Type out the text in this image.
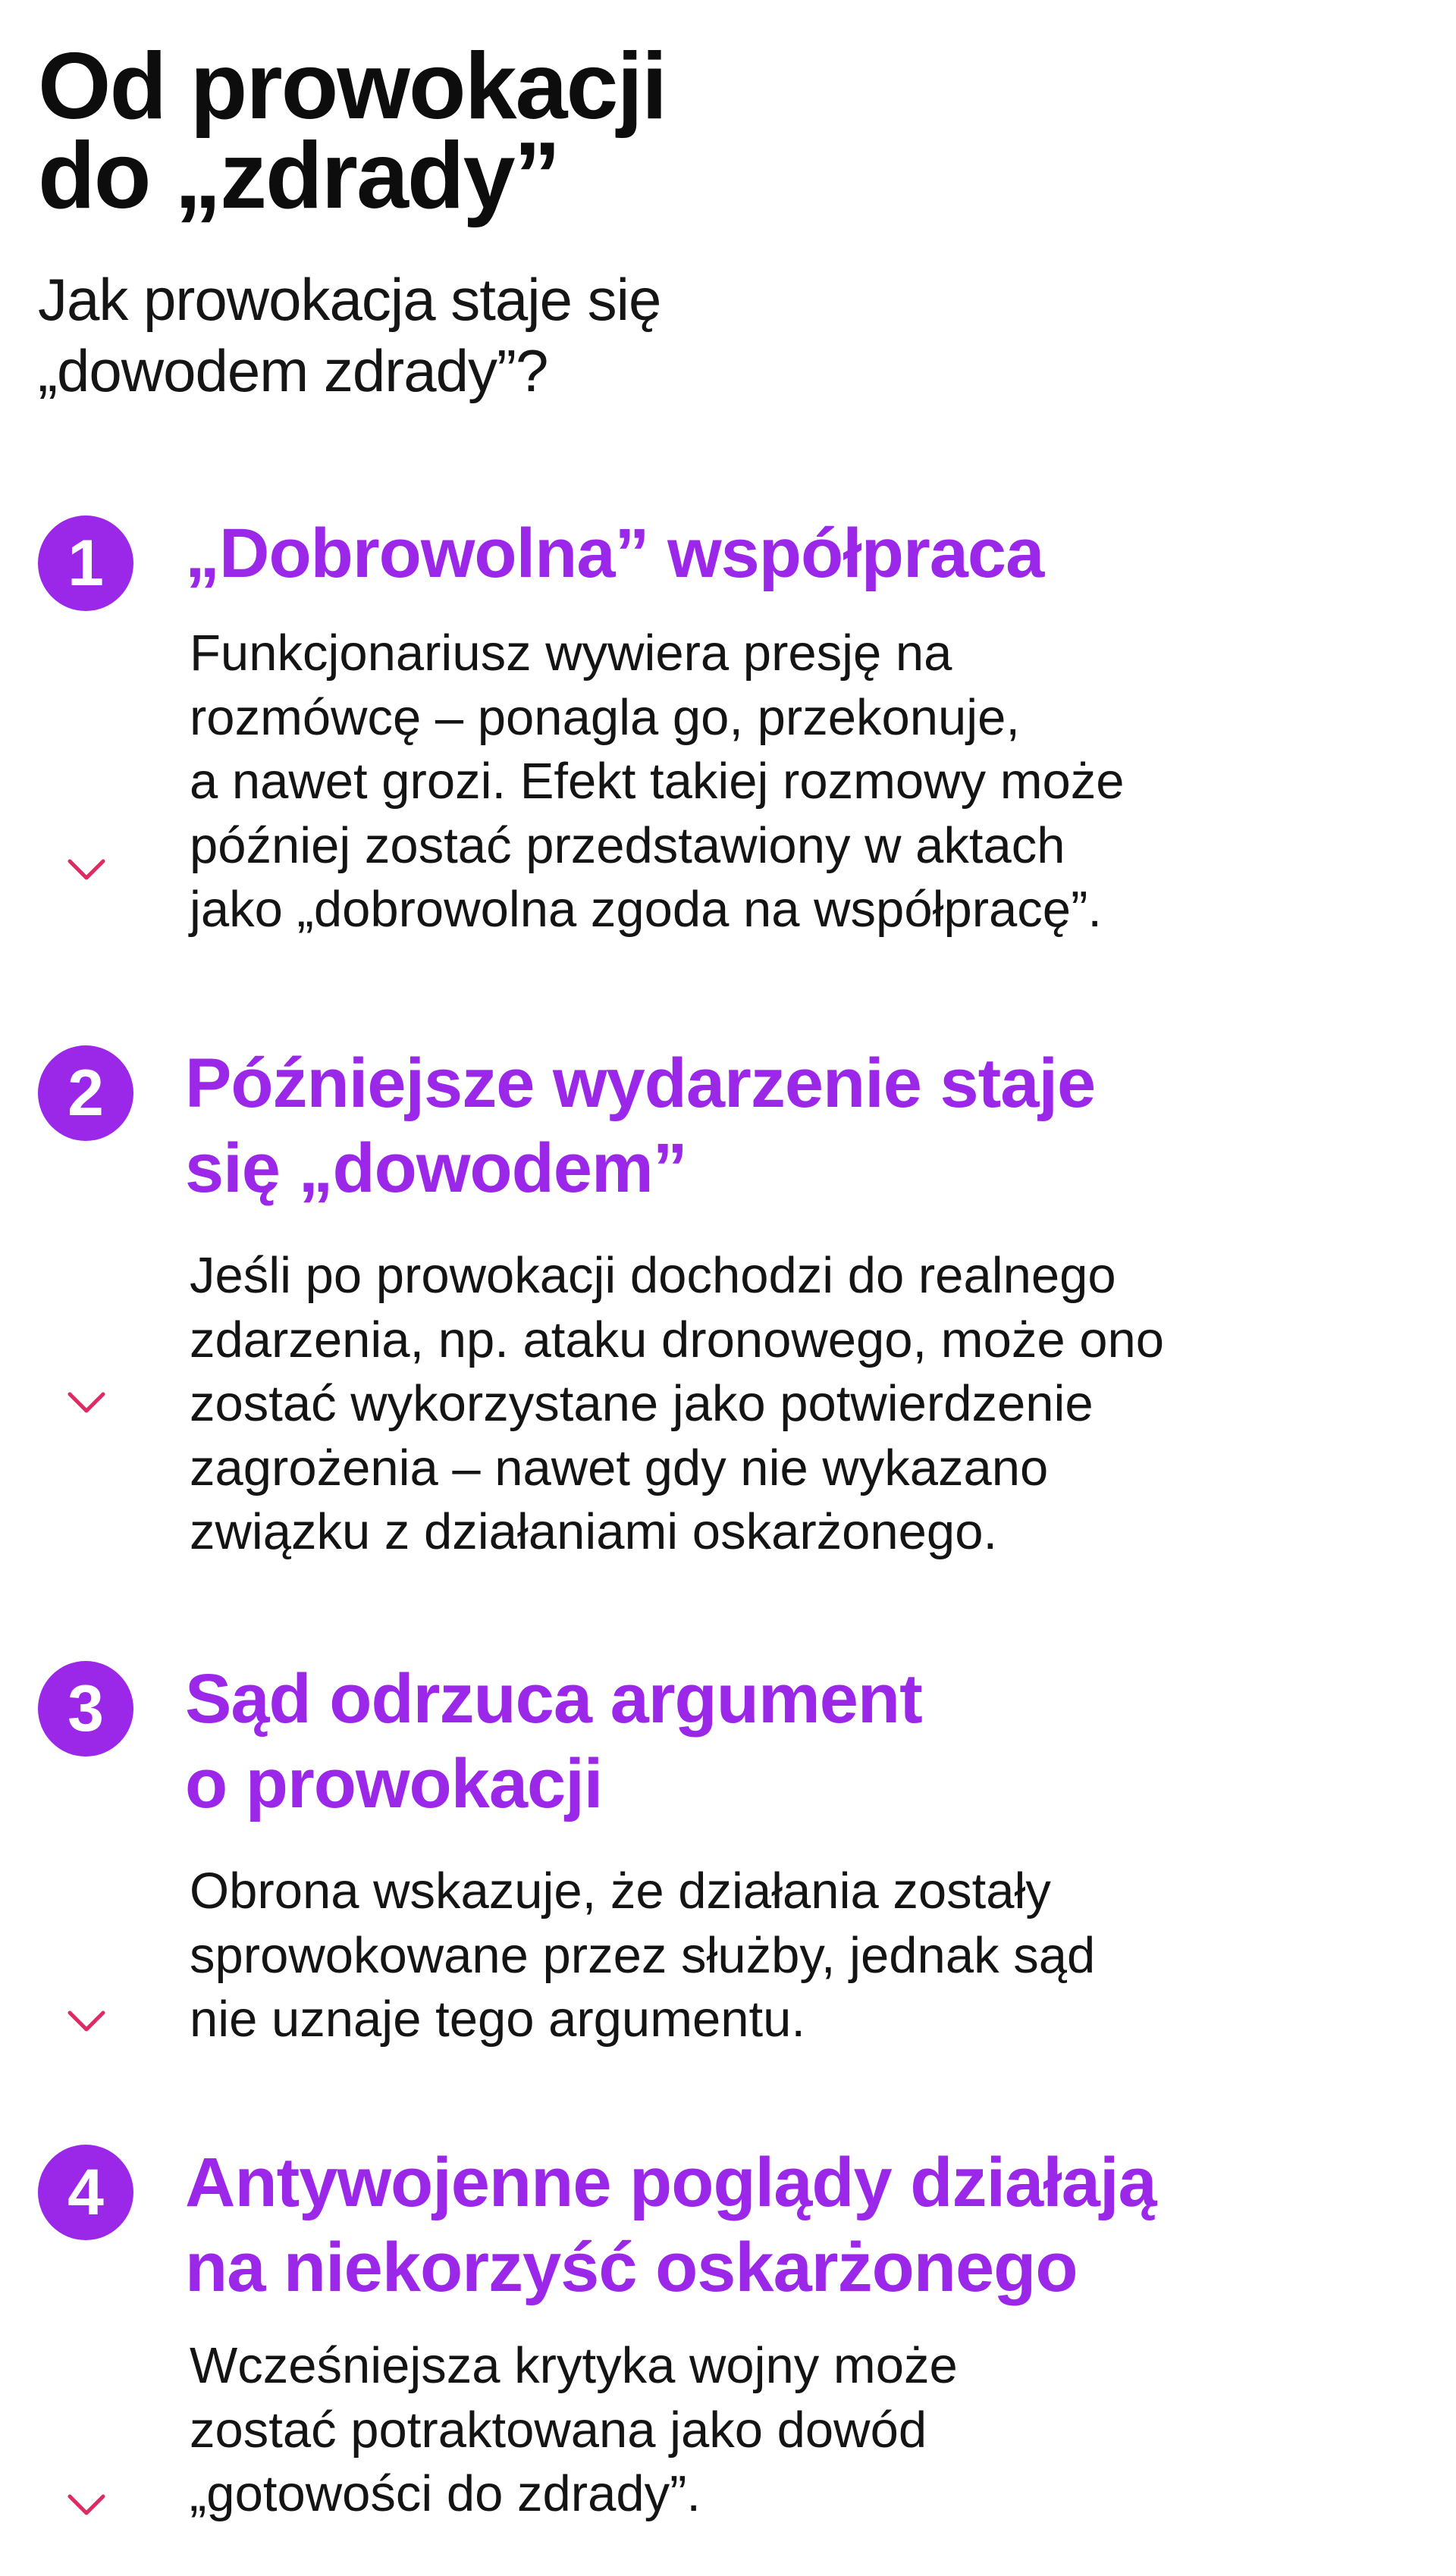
Od prowokacji
do „zdrady”

Jak prowokacja staje się
„dowodem zdrady”?

1	„Dobrowolna” współpraca

Funkcjonariusz wywiera presję na
rozmówcę – ponagla go, przekonuje,
a nawet grozi. Efekt takiej rozmowy może
później zostać przedstawiony w aktach
jako „dobrowolna zgoda na współpracę”.

2	Późniejsze wydarzenie staje
się „dowodem”

Jeśli po prowokacji dochodzi do realnego
zdarzenia, np. ataku dronowego, może ono
zostać wykorzystane jako potwierdzenie
zagrożenia – nawet gdy nie wykazano
związku z działaniami oskarżonego.

3	Sąd odrzuca argument
o prowokacji

Obrona wskazuje, że działania zostały
sprowokowane przez służby, jednak sąd
nie uznaje tego argumentu.

4	Antywojenne poglądy działają
na niekorzyść oskarżonego

Wcześniejsza krytyka wojny może
zostać potraktowana jako dowód
„gotowości do zdrady”.
